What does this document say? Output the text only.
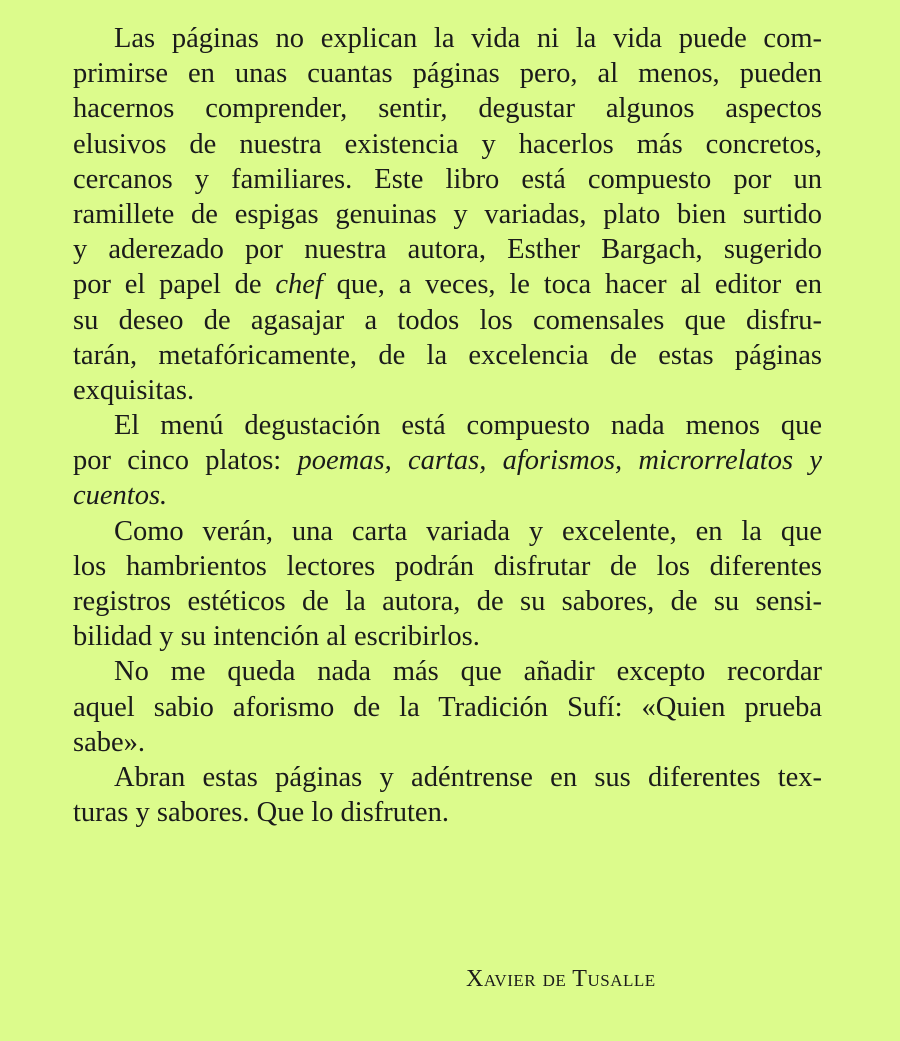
Las páginas no explican la vida ni la vida puede com-
primirse en unas cuantas páginas pero, al menos, pueden
hacernos comprender, sentir, degustar algunos aspectos
elusivos de nuestra existencia y hacerlos más concretos,
cercanos y familiares. Este libro está compuesto por un
ramillete de espigas genuinas y variadas, plato bien surtido
y aderezado por nuestra autora, Esther Bargach, sugerido
por el papel de chef que, a veces, le toca hacer al editor en
su deseo de agasajar a todos los comensales que disfru-
tarán, metafóricamente, de la excelencia de estas páginas
exquisitas.
El menú degustación está compuesto nada menos que
por cinco platos: poemas, cartas, aforismos, microrrelatos y
cuentos.
Como verán, una carta variada y excelente, en la que
los hambrientos lectores podrán disfrutar de los diferentes
registros estéticos de la autora, de su sabores, de su sensi-
bilidad y su intención al escribirlos.
No me queda nada más que añadir excepto recordar
aquel sabio aforismo de la Tradición Sufí: «Quien prueba
sabe».
Abran estas páginas y adéntrense en sus diferentes tex-
turas y sabores. Que lo disfruten.
Xavier de Tusalle
